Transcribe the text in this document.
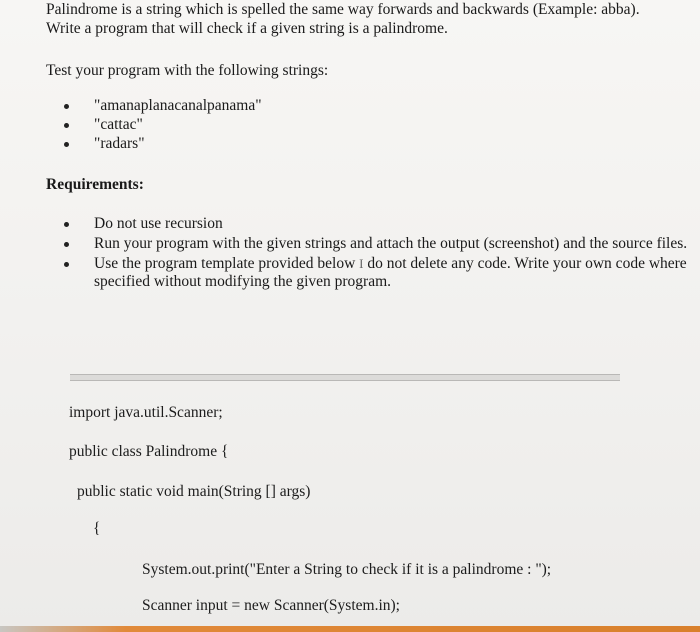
Palindrome is a string which is spelled the same way forwards and backwards (Example: abba).
Write a program that will check if a given string is a palindrome.
Test your program with the following strings:
"amanaplanacanalpanama"
"cattac"
"radars"
Requirements:
Do not use recursion
Run your program with the given strings and attach the output (screenshot) and the source files.
Use the program template provided below I do not delete any code. Write your own code where specified without modifying the given program.
import java.util.Scanner;
public class Palindrome {
public static void main(String [] args)
{
System.out.print("Enter a String to check if it is a palindrome : ");
Scanner input = new Scanner(System.in);
